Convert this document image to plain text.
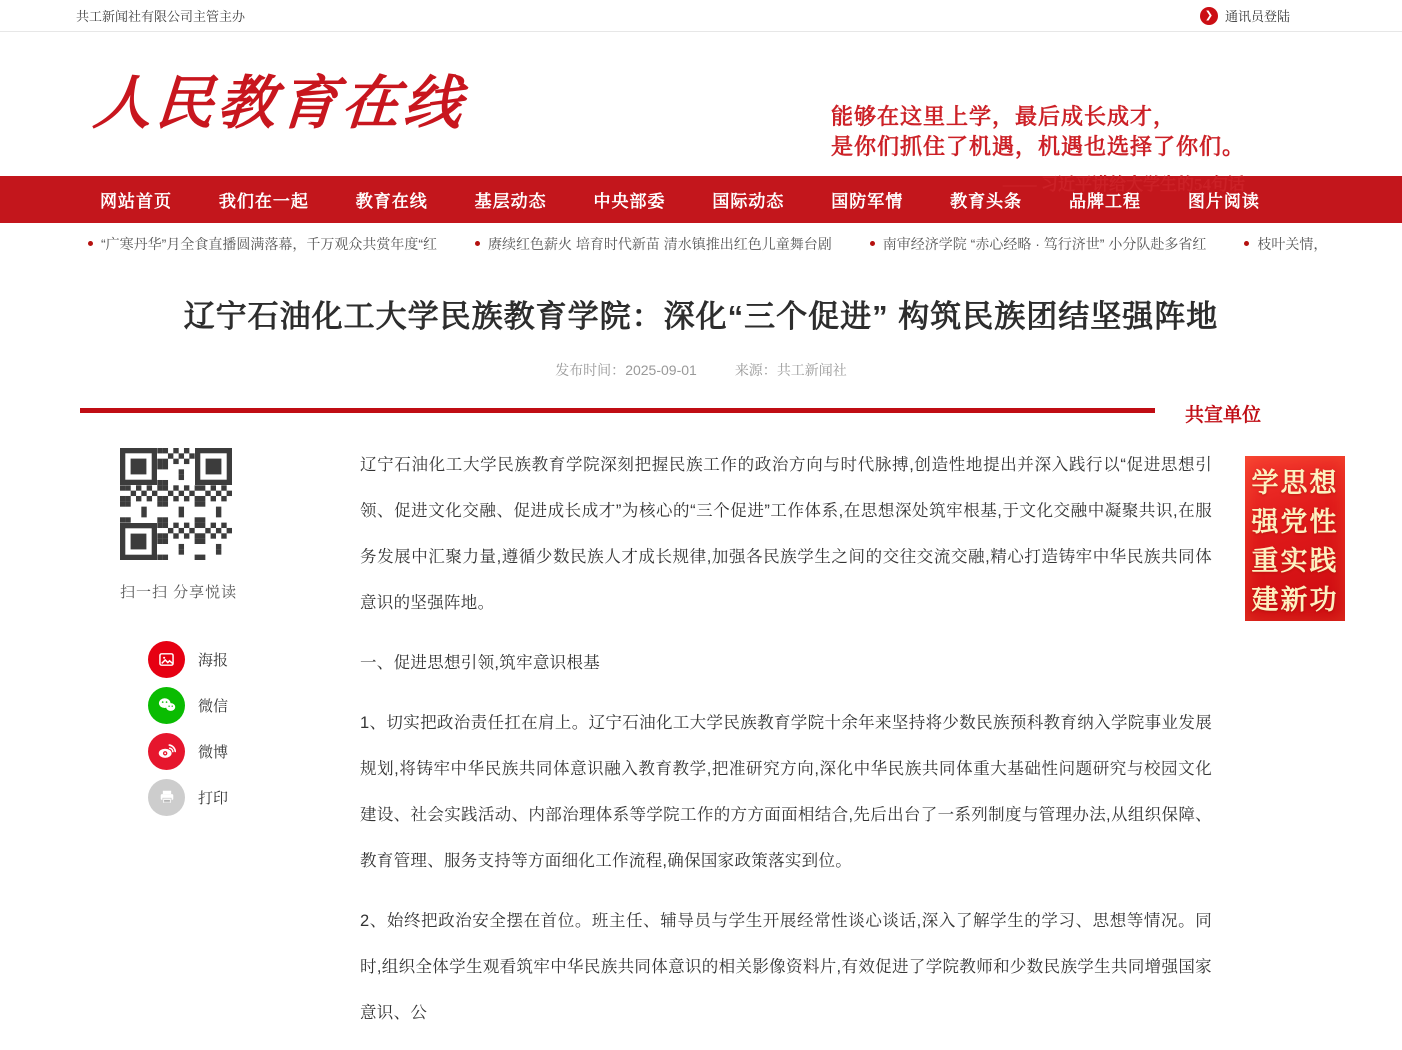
共工新闻社有限公司主管主办	❯ 通讯员登陆
人民教育在线	能够在这里上学，最后成长成才，
是你们抓住了机遇，机遇也选择了你们。
—— 习近平讲给大学生的54句话
网站首页	我们在一起	教育在线	基层动态	中央部委	国际动态	国防军情	教育头条	品牌工程	图片阅读
“广寒丹华”月全食直播圆满落幕，千万观众共赏年度“红	赓续红色薪火 培育时代新苗 清水镇推出红色儿童舞台剧	南审经济学院 “赤心经略 · 笃行济世” 小分队赴多省红	枝叶关情，
辽宁石油化工大学民族教育学院：深化“三个促进” 构筑民族团结坚强阵地
发布时间：2025-09-01	来源：共工新闻社
共宣单位
扫一扫 分享悦读
海报
微信
微博
打印

辽宁石油化工大学民族教育学院深刻把握民族工作的政治方向与时代脉搏,创造性地提出并深入践行以“促进思想引领、促进文化交融、促进成长成才”为核心的“三个促进”工作体系,在思想深处筑牢根基,于文化交融中凝聚共识,在服务发展中汇聚力量,遵循少数民族人才成长规律,加强各民族学生之间的交往交流交融,精心打造铸牢中华民族共同体意识的坚强阵地。

一、促进思想引领,筑牢意识根基

1、切实把政治责任扛在肩上。辽宁石油化工大学民族教育学院十余年来坚持将少数民族预科教育纳入学院事业发展规划,将铸牢中华民族共同体意识融入教育教学,把准研究方向,深化中华民族共同体重大基础性问题研究与校园文化建设、社会实践活动、内部治理体系等学院工作的方方面面相结合,先后出台了一系列制度与管理办法,从组织保障、教育管理、服务支持等方面细化工作流程,确保国家政策落实到位。

2、始终把政治安全摆在首位。班主任、辅导员与学生开展经常性谈心谈话,深入了解学生的学习、思想等情况。同时,组织全体学生观看筑牢中华民族共同体意识的相关影像资料片,有效促进了学院教师和少数民族学生共同增强国家意识、公

学思想
强党性
重实践
建新功
